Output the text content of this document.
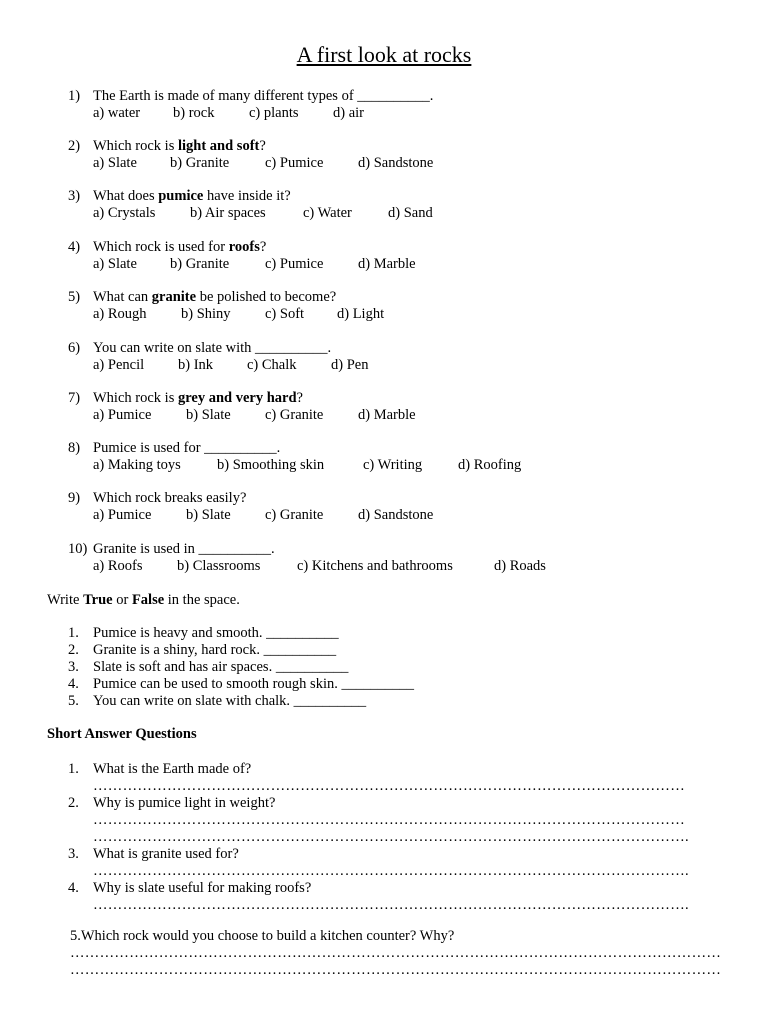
A first look at rocks
1) The Earth is made of many different types of __________.
a) water b) rock c) plants d) air
2) Which rock is light and soft?
a) Slate b) Granite c) Pumice d) Sandstone
3) What does pumice have inside it?
a) Crystals b) Air spaces	c) Water d) Sand
4) Which rock is used for roofs?
a) Slate b) Granite c) Pumice d) Marble
5) What can granite be polished to become?
a) Rough b) Shiny c) Soft d) Light
6) You can write on slate with __________.
a) Pencil b) Ink c) Chalk d) Pen
7) Which rock is grey and very hard?
a) Pumice b) Slate c) Granite d) Marble
8) Pumice is used for __________.
a) Making toys b) Smoothing skin	c) Writing d) Roofing
9) Which rock breaks easily?
a) Pumice b) Slate c) Granite d) Sandstone
10) Granite is used in __________.
a) Roofs b) Classrooms	c) Kitchens and bathrooms	d) Roads
Write True or False in the space.
1. Pumice is heavy and smooth. __________
2. Granite is a shiny, hard rock. __________
3. Slate is soft and has air spaces. __________
4. Pumice can be used to smooth rough skin. __________
5. You can write on slate with chalk. __________
Short Answer Questions
1. What is the Earth made of?
…………………………………………………………………………………………………………
2. Why is pumice light in weight?
…………………………………………………………………………………………………………
………………………………………………………………………………………………………….
3. What is granite used for?
………………………………………………………………………………………………………….
4. Why is slate useful for making roofs?
………………………………………………………………………………………………………….
5.Which rock would you choose to build a kitchen counter? Why?
……………………………………………………………………………………………………………………
……………………………………………………………………………………………………………………
